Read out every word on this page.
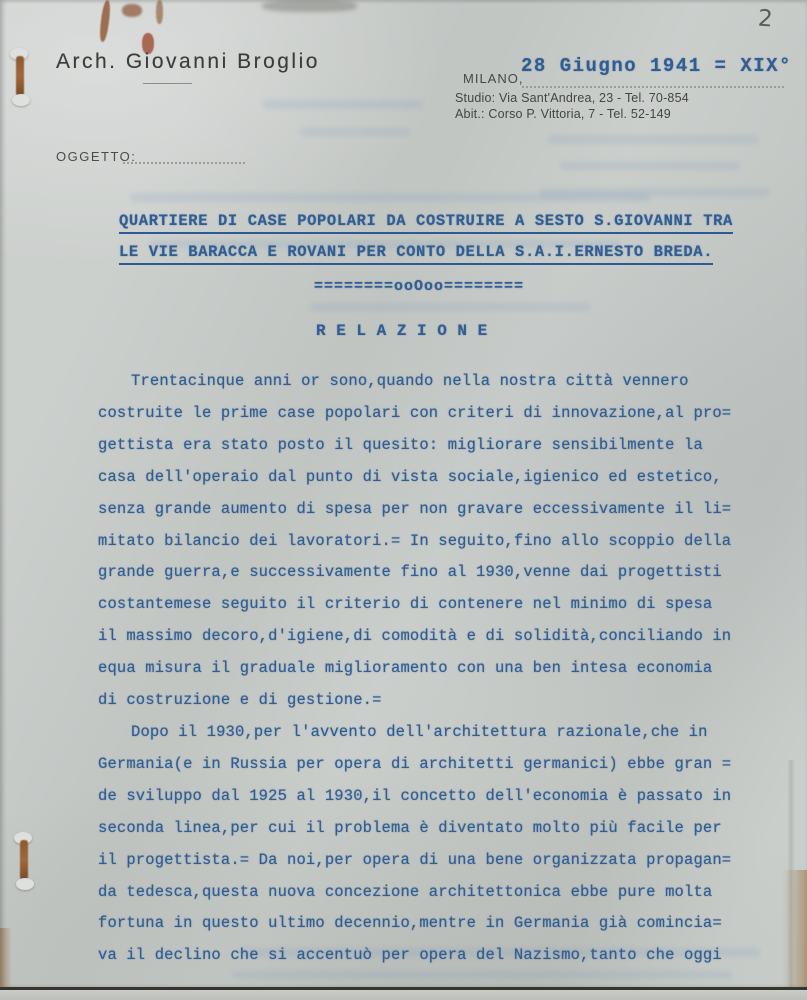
Arch. Giovanni Broglio
2
28 Giugno 1941 = XIX°
MILANO,
Studio: Via Sant'Andrea, 23 - Tel. 70-854
Abit.: Corso P. Vittoria, 7 - Tel. 52-149
OGGETTO:
QUARTIERE DI CASE POPOLARI DA COSTRUIRE A SESTO S.GIOVANNI TRA
LE VIE BARACCA E ROVANI PER CONTO DELLA S.A.I.ERNESTO BREDA.
========ooOoo========
R E L A Z I O N E
Trentacinque anni or sono,quando nella nostra città vennero
costruite le prime case popolari con criteri di innovazione,al pro=
gettista era stato posto il quesito: migliorare sensibilmente la
casa dell'operaio dal punto di vista sociale,igienico ed estetico,
senza grande aumento di spesa per non gravare eccessivamente il li=
mitato bilancio dei lavoratori.= In seguito,fino allo scoppio della
grande guerra,e successivamente fino al 1930,venne dai progettisti
costantemese seguito il criterio di contenere nel minimo di spesa
il massimo decoro,d'igiene,di comodità e di solidità,conciliando in
equa misura il graduale miglioramento con una ben intesa economia
di costruzione e di gestione.=
Dopo il 1930,per l'avvento dell'architettura razionale,che in
Germania(e in Russia per opera di architetti germanici) ebbe gran =
de sviluppo dal 1925 al 1930,il concetto dell'economia è passato in
seconda linea,per cui il problema è diventato molto più facile per
il progettista.= Da noi,per opera di una bene organizzata propagan=
da tedesca,questa nuova concezione architettonica ebbe pure molta
fortuna in questo ultimo decennio,mentre in Germania già comincia=
va il declino che si accentuò per opera del Nazismo,tanto che oggi
